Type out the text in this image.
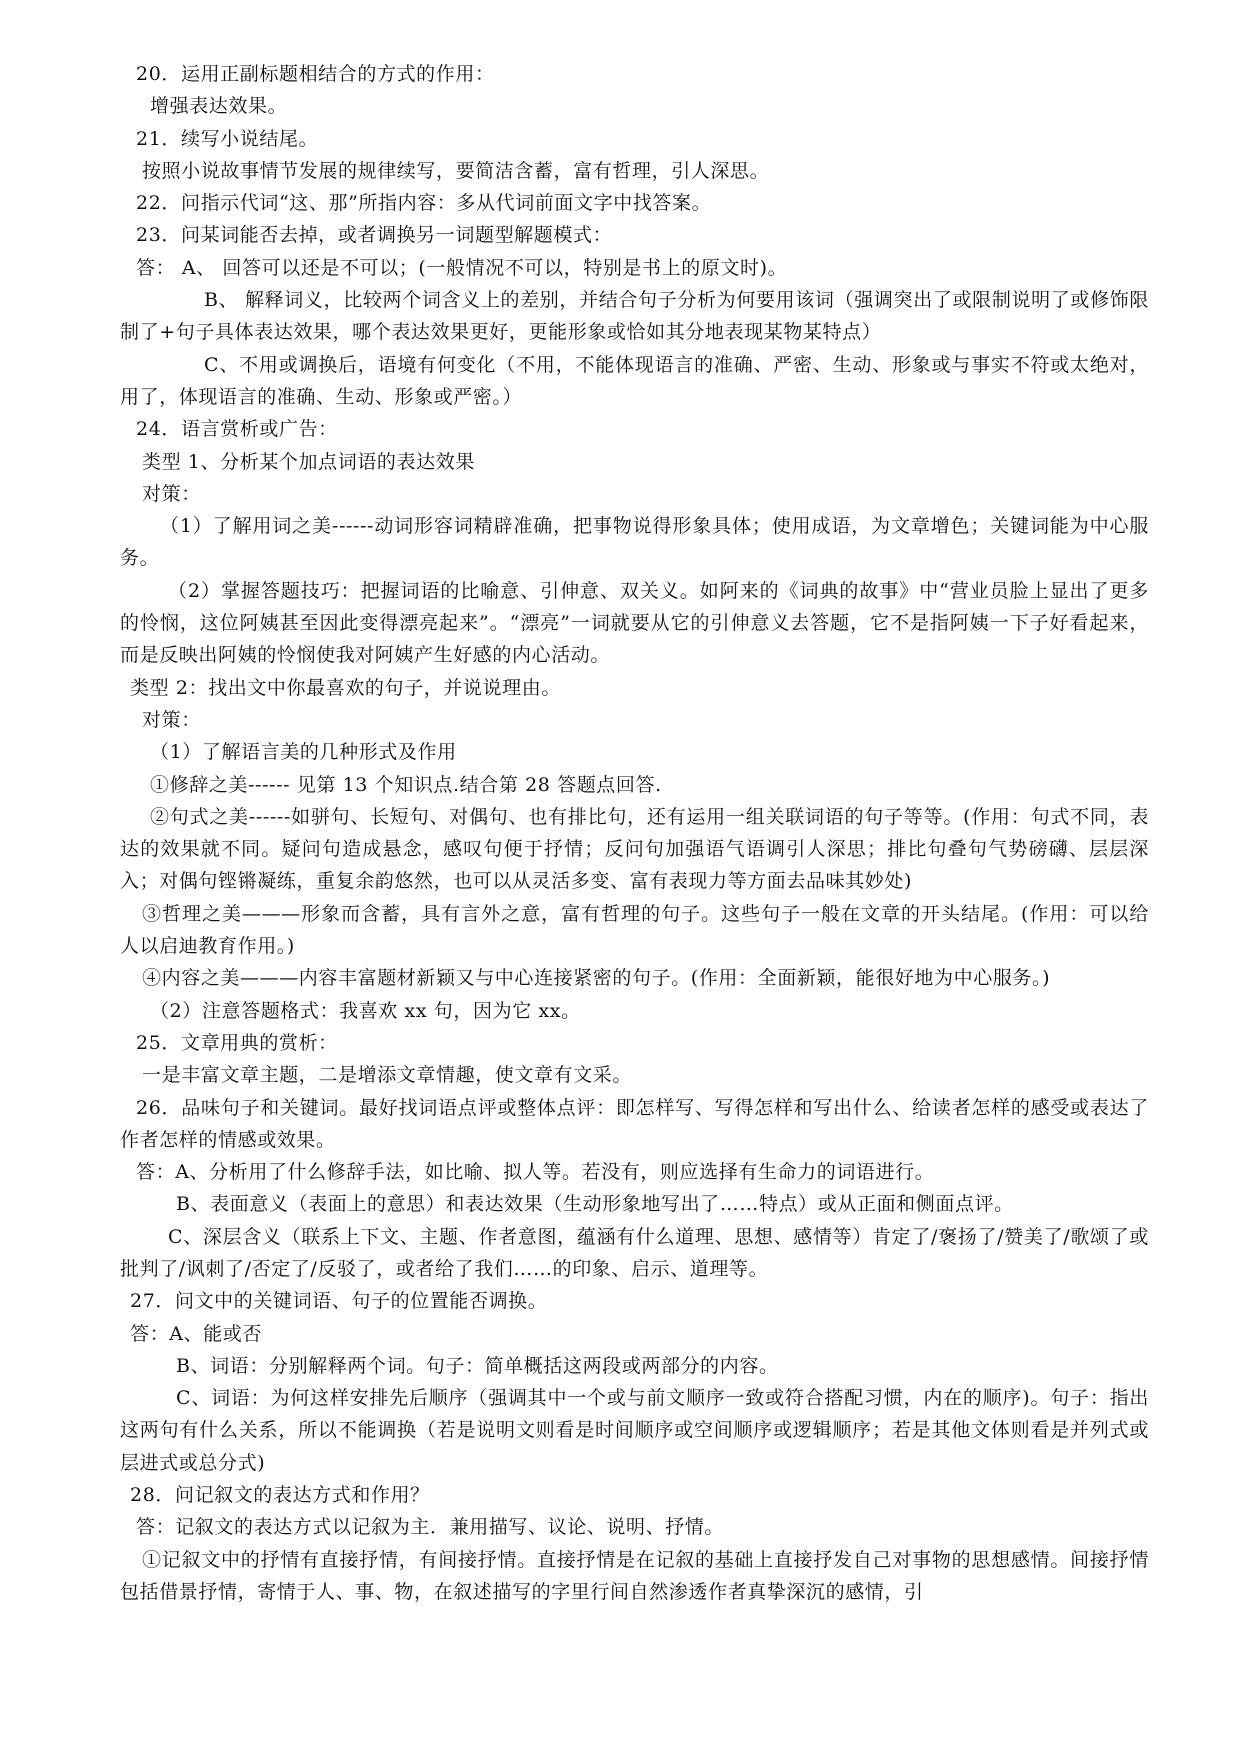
20．运用正副标题相结合的方式的作用：

增强表达效果。

21．续写小说结尾。

按照小说故事情节发展的规律续写，要简洁含蓄，富有哲理，引人深思。

22．问指示代词“这、那”所指内容：多从代词前面文字中找答案。

23．问某词能否去掉，或者调换另一词题型解题模式：

答： A、 回答可以还是不可以；(一般情况不可以，特别是书上的原文时)。

B、 解释词义，比较两个词含义上的差别，并结合句子分析为何要用该词（强调突出了或限制说明了或修饰限制了+句子具体表达效果，哪个表达效果更好，更能形象或恰如其分地表现某物某特点）

C、不用或调换后，语境有何变化（不用，不能体现语言的准确、严密、生动、形象或与事实不符或太绝对，用了，体现语言的准确、生动、形象或严密。）

24．语言赏析或广告：

类型 1、分析某个加点词语的表达效果

对策：

（1）了解用词之美------动词形容词精辟准确，把事物说得形象具体；使用成语，为文章增色；关键词能为中心服务。

（2）掌握答题技巧：把握词语的比喻意、引伸意、双关义。如阿来的《词典的故事》中“营业员脸上显出了更多的怜悯，这位阿姨甚至因此变得漂亮起来”。“漂亮”一词就要从它的引伸意义去答题，它不是指阿姨一下子好看起来，而是反映出阿姨的怜悯使我对阿姨产生好感的内心活动。

类型 2：找出文中你最喜欢的句子，并说说理由。

对策：

（1）了解语言美的几种形式及作用

①修辞之美------ 见第 13 个知识点.结合第 28 答题点回答.

②句式之美------如骈句、长短句、对偶句、也有排比句，还有运用一组关联词语的句子等等。(作用：句式不同，表达的效果就不同。疑问句造成悬念，感叹句便于抒情；反问句加强语气语调引人深思；排比句叠句气势磅礴、层层深入；对偶句铿锵凝练，重复余韵悠然，也可以从灵活多变、富有表现力等方面去品味其妙处)

③哲理之美———形象而含蓄，具有言外之意，富有哲理的句子。这些句子一般在文章的开头结尾。(作用：可以给人以启迪教育作用。)

④内容之美———内容丰富题材新颖又与中心连接紧密的句子。(作用：全面新颖，能很好地为中心服务。)

（2）注意答题格式：我喜欢 xx 句，因为它 xx。

25．文章用典的赏析：

一是丰富文章主题，二是增添文章情趣，使文章有文采。

26．品味句子和关键词。最好找词语点评或整体点评：即怎样写、写得怎样和写出什么、给读者怎样的感受或表达了作者怎样的情感或效果。

答：A、分析用了什么修辞手法，如比喻、拟人等。若没有，则应选择有生命力的词语进行。

B、表面意义（表面上的意思）和表达效果（生动形象地写出了……特点）或从正面和侧面点评。

C、深层含义（联系上下文、主题、作者意图，蕴涵有什么道理、思想、感情等）肯定了/褒扬了/赞美了/歌颂了或批判了/讽刺了/否定了/反驳了，或者给了我们……的印象、启示、道理等。

27．问文中的关键词语、句子的位置能否调换。

答：A、能或否

B、词语：分别解释两个词。句子：简单概括这两段或两部分的内容。

C、词语：为何这样安排先后顺序（强调其中一个或与前文顺序一致或符合搭配习惯，内在的顺序)。句子：指出这两句有什么关系，所以不能调换（若是说明文则看是时间顺序或空间顺序或逻辑顺序；若是其他文体则看是并列式或层进式或总分式)

28．问记叙文的表达方式和作用？

答：记叙文的表达方式以记叙为主．兼用描写、议论、说明、抒情。

①记叙文中的抒情有直接抒情，有间接抒情。直接抒情是在记叙的基础上直接抒发自己对事物的思想感情。间接抒情包括借景抒情，寄情于人、事、物，在叙述描写的字里行间自然渗透作者真挚深沉的感情，引
